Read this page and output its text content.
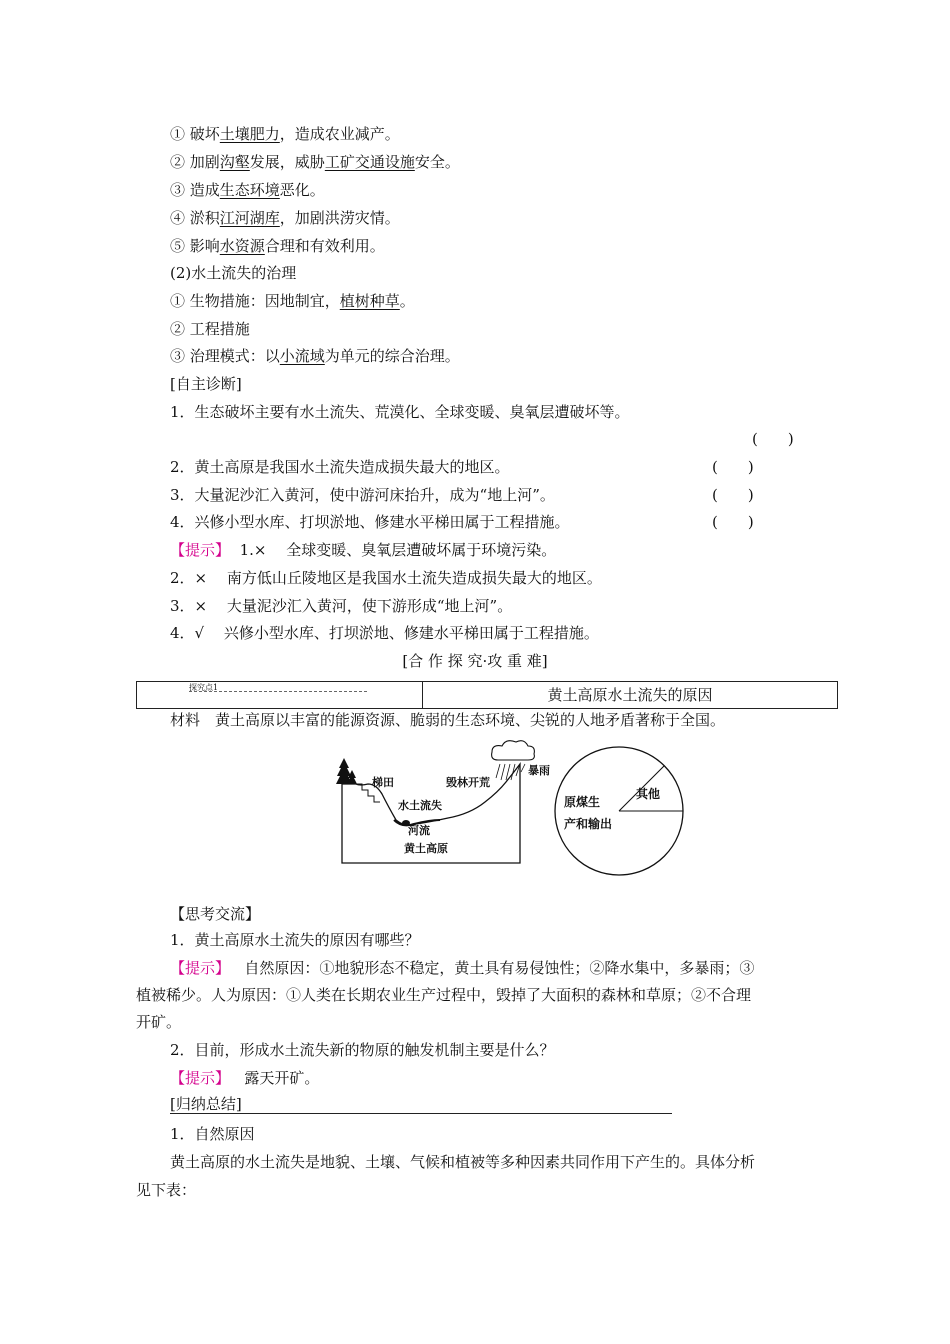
① 破坏土壤肥力，造成农业减产。
② 加剧沟壑发展，威胁工矿交通设施安全。
③ 造成生态环境恶化。
④ 淤积江河湖库，加剧洪涝灾情。
⑤ 影响水资源合理和有效利用。
(2)水土流失的治理
① 生物措施：因地制宜，植树种草。
② 工程措施
③ 治理模式：以小流域为单元的综合治理。
[自主诊断]
1．生态破坏主要有水土流失、荒漠化、全球变暖、臭氧层遭破坏等。
(　　)
2．黄土高原是我国水土流失造成损失最大的地区。	(　　)
3．大量泥沙汇入黄河，使中游河床抬升，成为“地上河”。	(　　)
4．兴修小型水库、打坝淤地、修建水平梯田属于工程措施。	(　　)
【提示】 1.×　 全球变暖、臭氧层遭破坏属于环境污染。
2．×　 南方低山丘陵地区是我国水土流失造成损失最大的地区。
3．×　 大量泥沙汇入黄河，使下游形成“地上河”。
4．√　 兴修小型水库、打坝淤地、修建水平梯田属于工程措施。
[合 作 探 究·攻 重 难]
探究点1	黄土高原水土流失的原因
材料　黄土高原以丰富的能源资源、脆弱的生态环境、尖锐的人地矛盾著称于全国。
梯田	毁林开荒
暴雨
水土流失
河流
黄土高原
其他
原煤生
产和输出
【思考交流】
1．黄土高原水土流失的原因有哪些？
【提示】 自然原因：①地貌形态不稳定，黄土具有易侵蚀性；②降水集中，多暴雨；③
植被稀少。人为原因：①人类在长期农业生产过程中，毁掉了大面积的森林和草原；②不合理
开矿。
2．目前，形成水土流失新的物原的触发机制主要是什么？
【提示】 露天开矿。
[归纳总结]
1．自然原因
黄土高原的水土流失是地貌、土壤、气候和植被等多种因素共同作用下产生的。具体分析
见下表：
